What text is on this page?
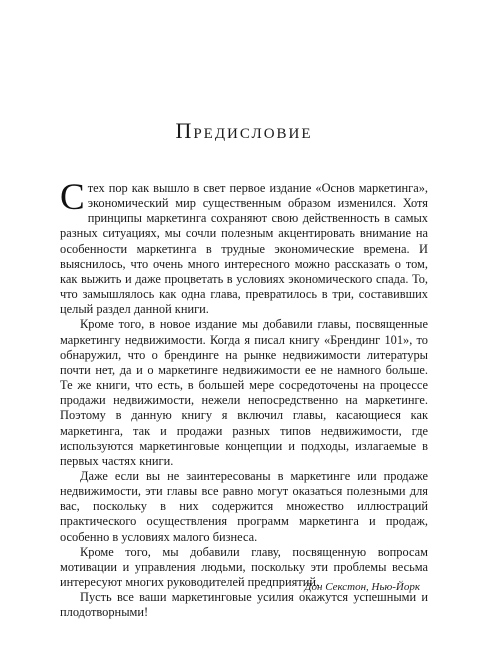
Предисловие

Стех пор как вышло в свет первое издание «Основ маркетинга», экономический мир существенным образом изменился. Хотя принципы маркетинга сохраняют свою действенность в самых разных ситуациях, мы сочли полезным акцентировать внимание на особенности маркетинга в трудные экономические времена. И выяснилось, что очень много интересного можно рассказать о том, как выжить и даже процветать в условиях экономического спада. То, что замышлялось как одна глава, превратилось в три, составивших целый раздел данной книги.

Кроме того, в новое издание мы добавили главы, посвященные маркетингу недвижимости. Когда я писал книгу «Брендинг 101», то обнаружил, что о брендинге на рынке недвижимости литературы почти нет, да и о маркетинге недвижимости ее не намного больше. Те же книги, что есть, в большей мере сосредоточены на процессе продажи недвижимости, нежели непосредственно на маркетинге. Поэтому в данную книгу я включил главы, касающиеся как маркетинга, так и продажи разных типов недвижимости, где используются маркетинговые концепции и подходы, излагаемые в первых частях книги.

Даже если вы не заинтересованы в маркетинге или продаже недвижимости, эти главы все равно могут оказаться полезными для вас, поскольку в них содержится множество иллюстраций практического осуществления программ маркетинга и продаж, особенно в условиях малого бизнеса.

Кроме того, мы добавили главу, посвященную вопросам мотивации и управления людьми, поскольку эти проблемы весьма интересуют многих руководителей предприятий.

Пусть все ваши маркетинговые усилия окажутся успешными и плодотворными!

Дон Секстон, Нью-Йорк
